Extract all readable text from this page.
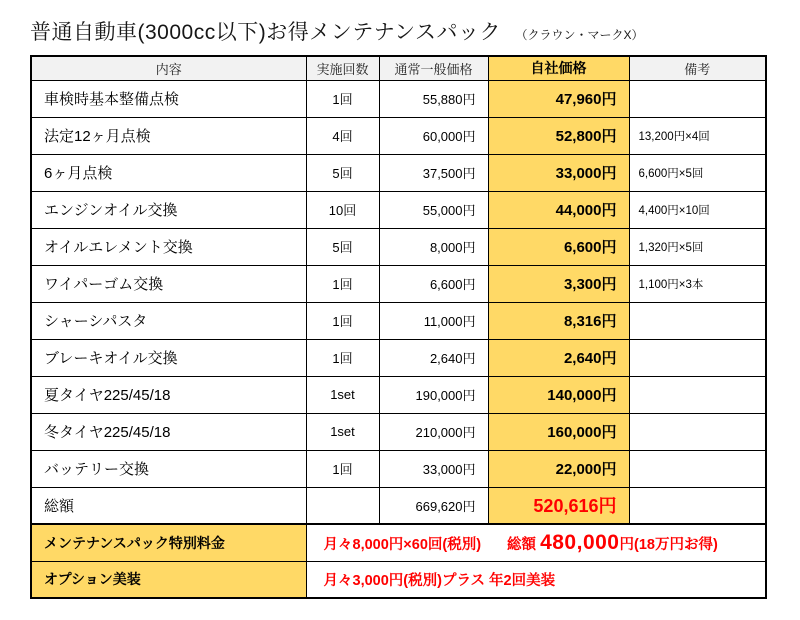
普通自動車(3000cc以下)お得メンテナンスパック （クラウン・マークX）
内容	実施回数	通常一般価格	自社価格	備考
車検時基本整備点検	1回	55,880円	47,960円	
法定12ヶ月点検	4回	60,000円	52,800円	13,200円×4回
6ヶ月点検	5回	37,500円	33,000円	6,600円×5回
エンジンオイル交換	10回	55,000円	44,000円	4,400円×10回
オイルエレメント交換	5回	8,000円	6,600円	1,320円×5回
ワイパーゴム交換	1回	6,600円	3,300円	1,100円×3本
シャーシパスタ	1回	11,000円	8,316円	
ブレーキオイル交換	1回	2,640円	2,640円	
夏タイヤ225/45/18	1set	190,000円	140,000円	
冬タイヤ225/45/18	1set	210,000円	160,000円	
バッテリー交換	1回	33,000円	22,000円	
総額		669,620円	520,616円	
メンテナンスパック特別料金	月々8,000円×60回(税別) 総額 480,000円(18万円お得)			
オプション美装	月々3,000円(税別)プラス 年2回美装			
